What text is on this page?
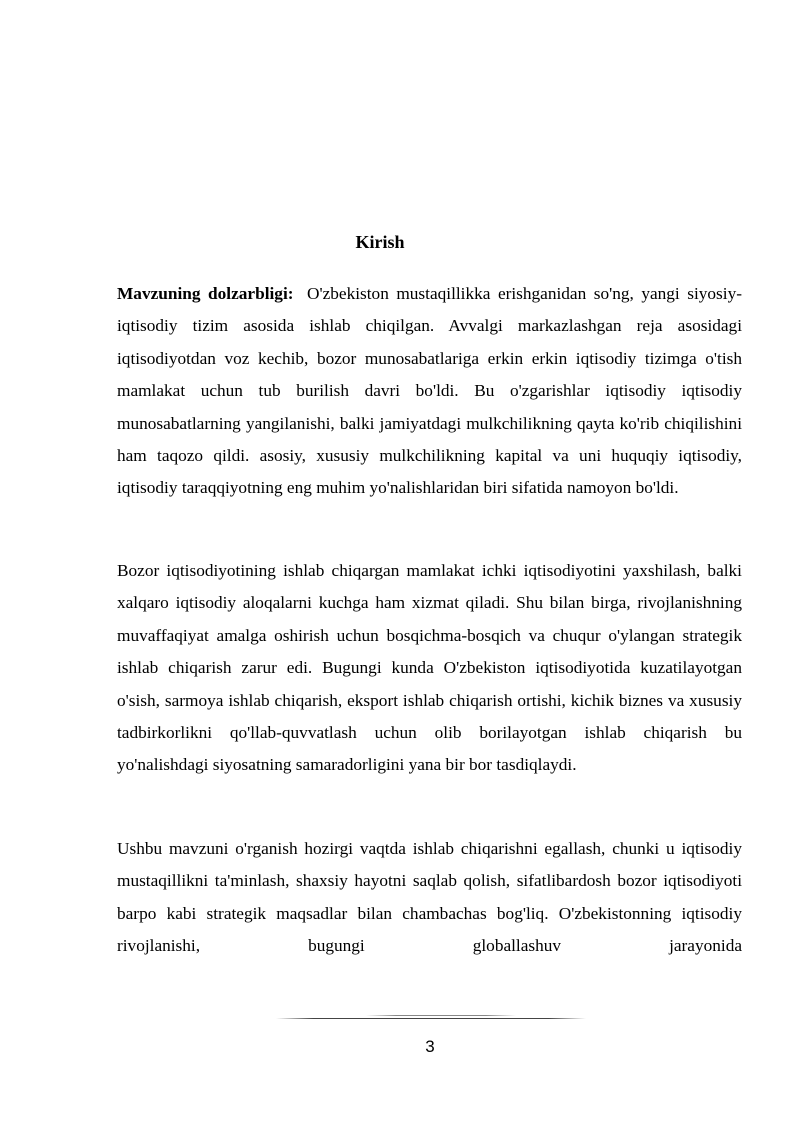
Kirish

Mavzuning dolzarbligi: O'zbekiston mustaqillikka erishganidan so'ng, yangi siyosiy-iqtisodiy tizim asosida ishlab chiqilgan. Avvalgi markazlashgan reja asosidagi iqtisodiyotdan voz kechib, bozor munosabatlariga erkin erkin iqtisodiy tizimga o'tish mamlakat uchun tub burilish davri bo'ldi. Bu o'zgarishlar iqtisodiy iqtisodiy munosabatlarning yangilanishi, balki jamiyatdagi mulkchilikning qayta ko'rib chiqilishini ham taqozo qildi. asosiy, xususiy mulkchilikning kapital va uni huquqiy iqtisodiy, iqtisodiy taraqqiyotning eng muhim yo'nalishlaridan biri sifatida namoyon bo'ldi.

Bozor iqtisodiyotining ishlab chiqargan mamlakat ichki iqtisodiyotini yaxshilash, balki xalqaro iqtisodiy aloqalarni kuchga ham xizmat qiladi. Shu bilan birga, rivojlanishning muvaffaqiyat amalga oshirish uchun bosqichma-bosqich va chuqur o'ylangan strategik ishlab chiqarish zarur edi. Bugungi kunda O'zbekiston iqtisodiyotida kuzatilayotgan o'sish, sarmoya ishlab chiqarish, eksport ishlab chiqarish ortishi, kichik biznes va xususiy tadbirkorlikni qo'llab-quvvatlash uchun olib borilayotgan ishlab chiqarish bu yo'nalishdagi siyosatning samaradorligini yana bir bor tasdiqlaydi.

Ushbu mavzuni o'rganish hozirgi vaqtda ishlab chiqarishni egallash, chunki u iqtisodiy mustaqillikni ta'minlash, shaxsiy hayotni saqlab qolish, sifatlibardosh bozor iqtisodiyoti barpo kabi strategik maqsadlar bilan chambachas bog'liq. O'zbekistonning iqtisodiy rivojlanishi, bugungi globallashuv jarayonida

3
